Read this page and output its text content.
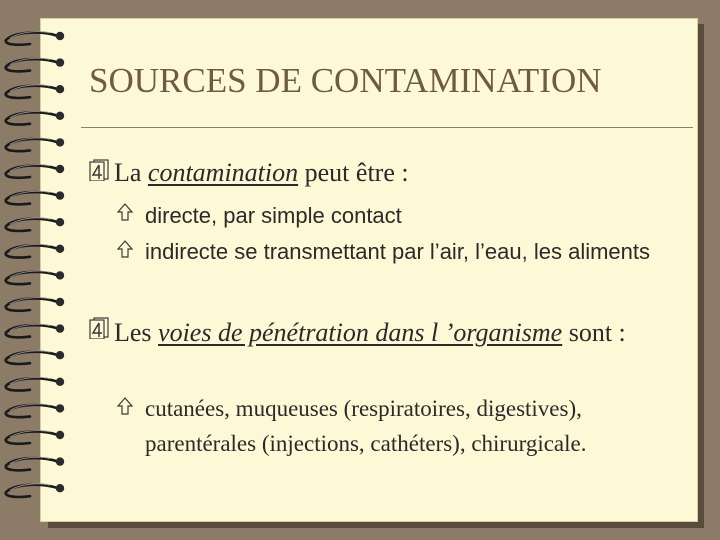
SOURCES DE CONTAMINATION
La contamination peut être :
directe, par simple contact
indirecte se transmettant par l’air, l’eau, les aliments
Les voies de pénétration dans l ’organisme sont :
cutanées, muqueuses (respiratoires, digestives), parentérales (injections, cathéters), chirurgicale.
